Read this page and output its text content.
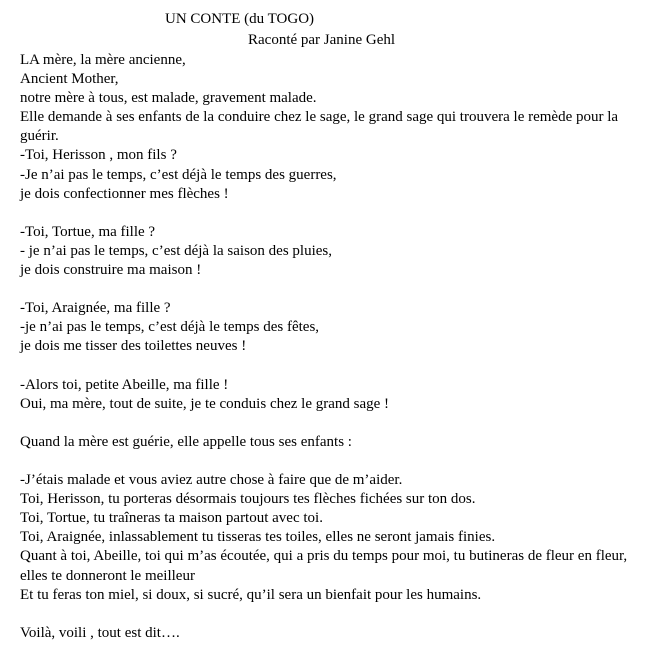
UN CONTE (du TOGO)
Raconté par Janine Gehl
LA mère, la mère ancienne,
Ancient Mother,
notre mère à tous, est malade, gravement malade.
Elle demande à ses enfants de la conduire chez le sage, le grand sage qui trouvera le remède pour la guérir.
-Toi, Herisson , mon fils ?
-Je n’ai pas le temps, c’est déjà le temps des guerres,
je dois confectionner mes flèches !
-Toi, Tortue, ma fille ?
- je n’ai pas le temps, c’est déjà la saison des pluies,
je dois construire ma maison !
-Toi, Araignée, ma fille ?
-je n’ai pas le temps, c’est déjà le temps des fêtes,
je dois me tisser des toilettes neuves !
-Alors toi, petite Abeille, ma fille !
Oui, ma mère, tout de suite, je te conduis chez le grand sage !
Quand la mère est guérie, elle appelle tous ses enfants :
-J’étais malade et vous aviez autre chose à faire que de m’aider.
Toi, Herisson, tu porteras désormais toujours tes flèches fichées sur ton dos.
Toi, Tortue, tu traîneras ta maison partout avec toi.
Toi, Araignée, inlassablement tu tisseras tes toiles, elles ne seront jamais finies.
Quant à toi, Abeille, toi qui m’as écoutée, qui a pris du temps pour moi, tu butineras de fleur en fleur, elles te donneront le meilleur
Et tu feras ton miel, si doux, si sucré, qu’il sera un bienfait pour les humains.
Voilà, voili , tout est dit….
